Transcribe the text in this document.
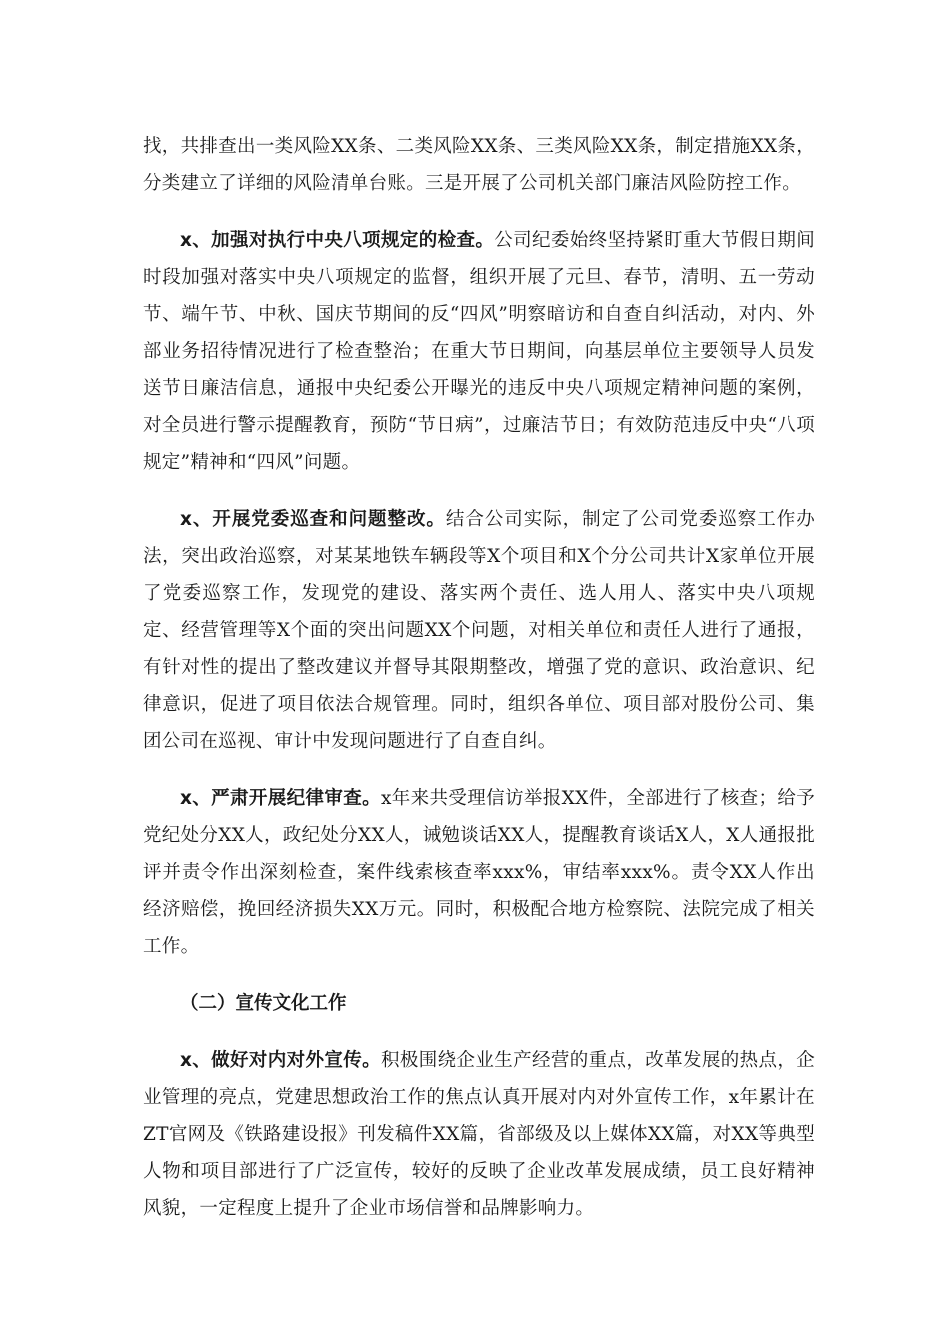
找，共排查出一类风险XX条、二类风险XX条、三类风险XX条，制定措施XX条，分类建立了详细的风险清单台账。三是开展了公司机关部门廉洁风险防控工作。

x、加强对执行中央八项规定的检查。公司纪委始终坚持紧盯重大节假日期间时段加强对落实中央八项规定的监督，组织开展了元旦、春节，清明、五一劳动节、端午节、中秋、国庆节期间的反“四风”明察暗访和自查自纠活动，对内、外部业务招待情况进行了检查整治；在重大节日期间，向基层单位主要领导人员发送节日廉洁信息，通报中央纪委公开曝光的违反中央八项规定精神问题的案例，对全员进行警示提醒教育，预防“节日病”，过廉洁节日；有效防范违反中央“八项规定”精神和“四风”问题。

x、开展党委巡查和问题整改。结合公司实际，制定了公司党委巡察工作办法，突出政治巡察，对某某地铁车辆段等X个项目和X个分公司共计X家单位开展了党委巡察工作，发现党的建设、落实两个责任、选人用人、落实中央八项规定、经营管理等X个面的突出问题XX个问题，对相关单位和责任人进行了通报，有针对性的提出了整改建议并督导其限期整改，增强了党的意识、政治意识、纪律意识，促进了项目依法合规管理。同时，组织各单位、项目部对股份公司、集团公司在巡视、审计中发现问题进行了自查自纠。

x、严肃开展纪律审查。x年来共受理信访举报XX件，全部进行了核查；给予党纪处分XX人，政纪处分XX人，诫勉谈话XX人，提醒教育谈话X人，X人通报批评并责令作出深刻检查，案件线索核查率xxx%，审结率xxx%。责令XX人作出经济赔偿，挽回经济损失XX万元。同时，积极配合地方检察院、法院完成了相关工作。

（二）宣传文化工作

x、做好对内对外宣传。积极围绕企业生产经营的重点，改革发展的热点，企业管理的亮点，党建思想政治工作的焦点认真开展对内对外宣传工作，x年累计在ZT官网及《铁路建设报》刊发稿件XX篇，省部级及以上媒体XX篇，对XX等典型人物和项目部进行了广泛宣传，较好的反映了企业改革发展成绩，员工良好精神风貌，一定程度上提升了企业市场信誉和品牌影响力。
